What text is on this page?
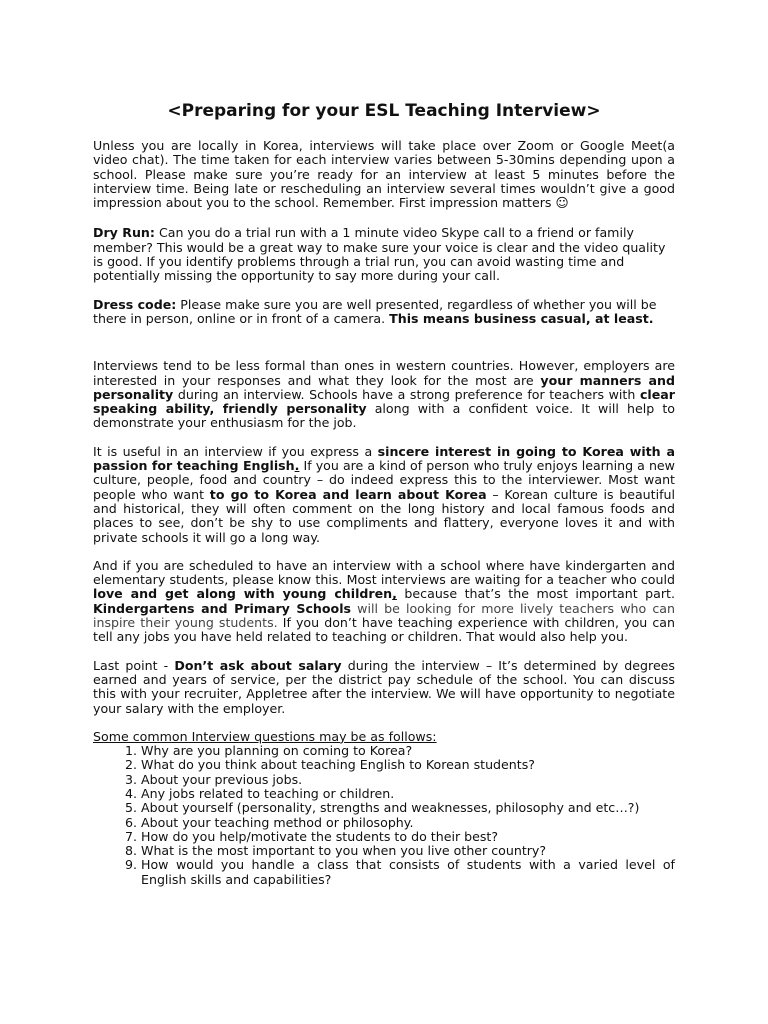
<Preparing for your ESL Teaching Interview>

Unless you are locally in Korea, interviews will take place over Zoom or Google Meet(a video chat). The time taken for each interview varies between 5-30mins depending upon a school. Please make sure you’re ready for an interview at least 5 minutes before the interview time. Being late or rescheduling an interview several times wouldn’t give a good impression about you to the school. Remember. First impression matters ☺

Dry Run: Can you do a trial run with a 1 minute video Skype call to a friend or family member? This would be a great way to make sure your voice is clear and the video quality is good. If you identify problems through a trial run, you can avoid wasting time and potentially missing the opportunity to say more during your call.

Dress code: Please make sure you are well presented, regardless of whether you will be there in person, online or in front of a camera. This means business casual, at least.

Interviews tend to be less formal than ones in western countries. However, employers are interested in your responses and what they look for the most are your manners and personality during an interview. Schools have a strong preference for teachers with clear speaking ability, friendly personality along with a confident voice. It will help to demonstrate your enthusiasm for the job.

It is useful in an interview if you express a sincere interest in going to Korea with a passion for teaching English. If you are a kind of person who truly enjoys learning a new culture, people, food and country – do indeed express this to the interviewer. Most want people who want to go to Korea and learn about Korea – Korean culture is beautiful and historical, they will often comment on the long history and local famous foods and places to see, don’t be shy to use compliments and flattery, everyone loves it and with private schools it will go a long way.

And if you are scheduled to have an interview with a school where have kindergarten and elementary students, please know this. Most interviews are waiting for a teacher who could love and get along with young children, because that’s the most important part. Kindergartens and Primary Schools will be looking for more lively teachers who can inspire their young students. If you don’t have teaching experience with children, you can tell any jobs you have held related to teaching or children. That would also help you.

Last point - Don’t ask about salary during the interview – It’s determined by degrees earned and years of service, per the district pay schedule of the school. You can discuss this with your recruiter, Appletree after the interview. We will have opportunity to negotiate your salary with the employer.

Some common Interview questions may be as follows:
1. Why are you planning on coming to Korea?
2. What do you think about teaching English to Korean students?
3. About your previous jobs.
4. Any jobs related to teaching or children.
5. About yourself (personality, strengths and weaknesses, philosophy and etc…?)
6. About your teaching method or philosophy.
7. How do you help/motivate the students to do their best?
8. What is the most important to you when you live other country?
9. How would you handle a class that consists of students with a varied level of English skills and capabilities?
